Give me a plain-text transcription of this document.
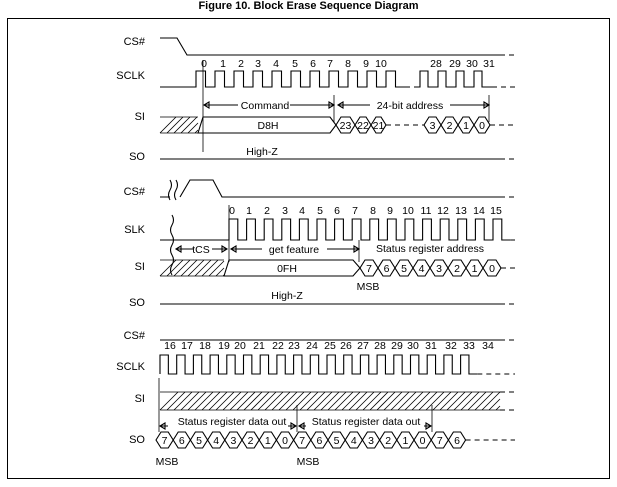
Figure 10. Block Erase Sequence Diagram
CS#
SCLK
SI
SO
0 1 2 3 4 5 6 7 8 9 10	28 29 30 31
Command	24-bit address
D8H	23 22 21	3 2 1 0
High-Z
CS#
SLK
SI
SO
0 1 2 3 4 5 6 7 8 9 10 11 12 13 14 15
tCS	get feature	Status register address
0FH	7 6 5 4 3 2 1 0
MSB
High-Z
CS#
SCLK
SI
SO
16 17 18 19 20 21 22 23 24 25 26 27 28 29 30 31 32 33 34
Status register data out Status register data out
7 6 5 4 3 2 1 0 7 6 5 4 3 2 1 0 7 6
MSB	MSB
